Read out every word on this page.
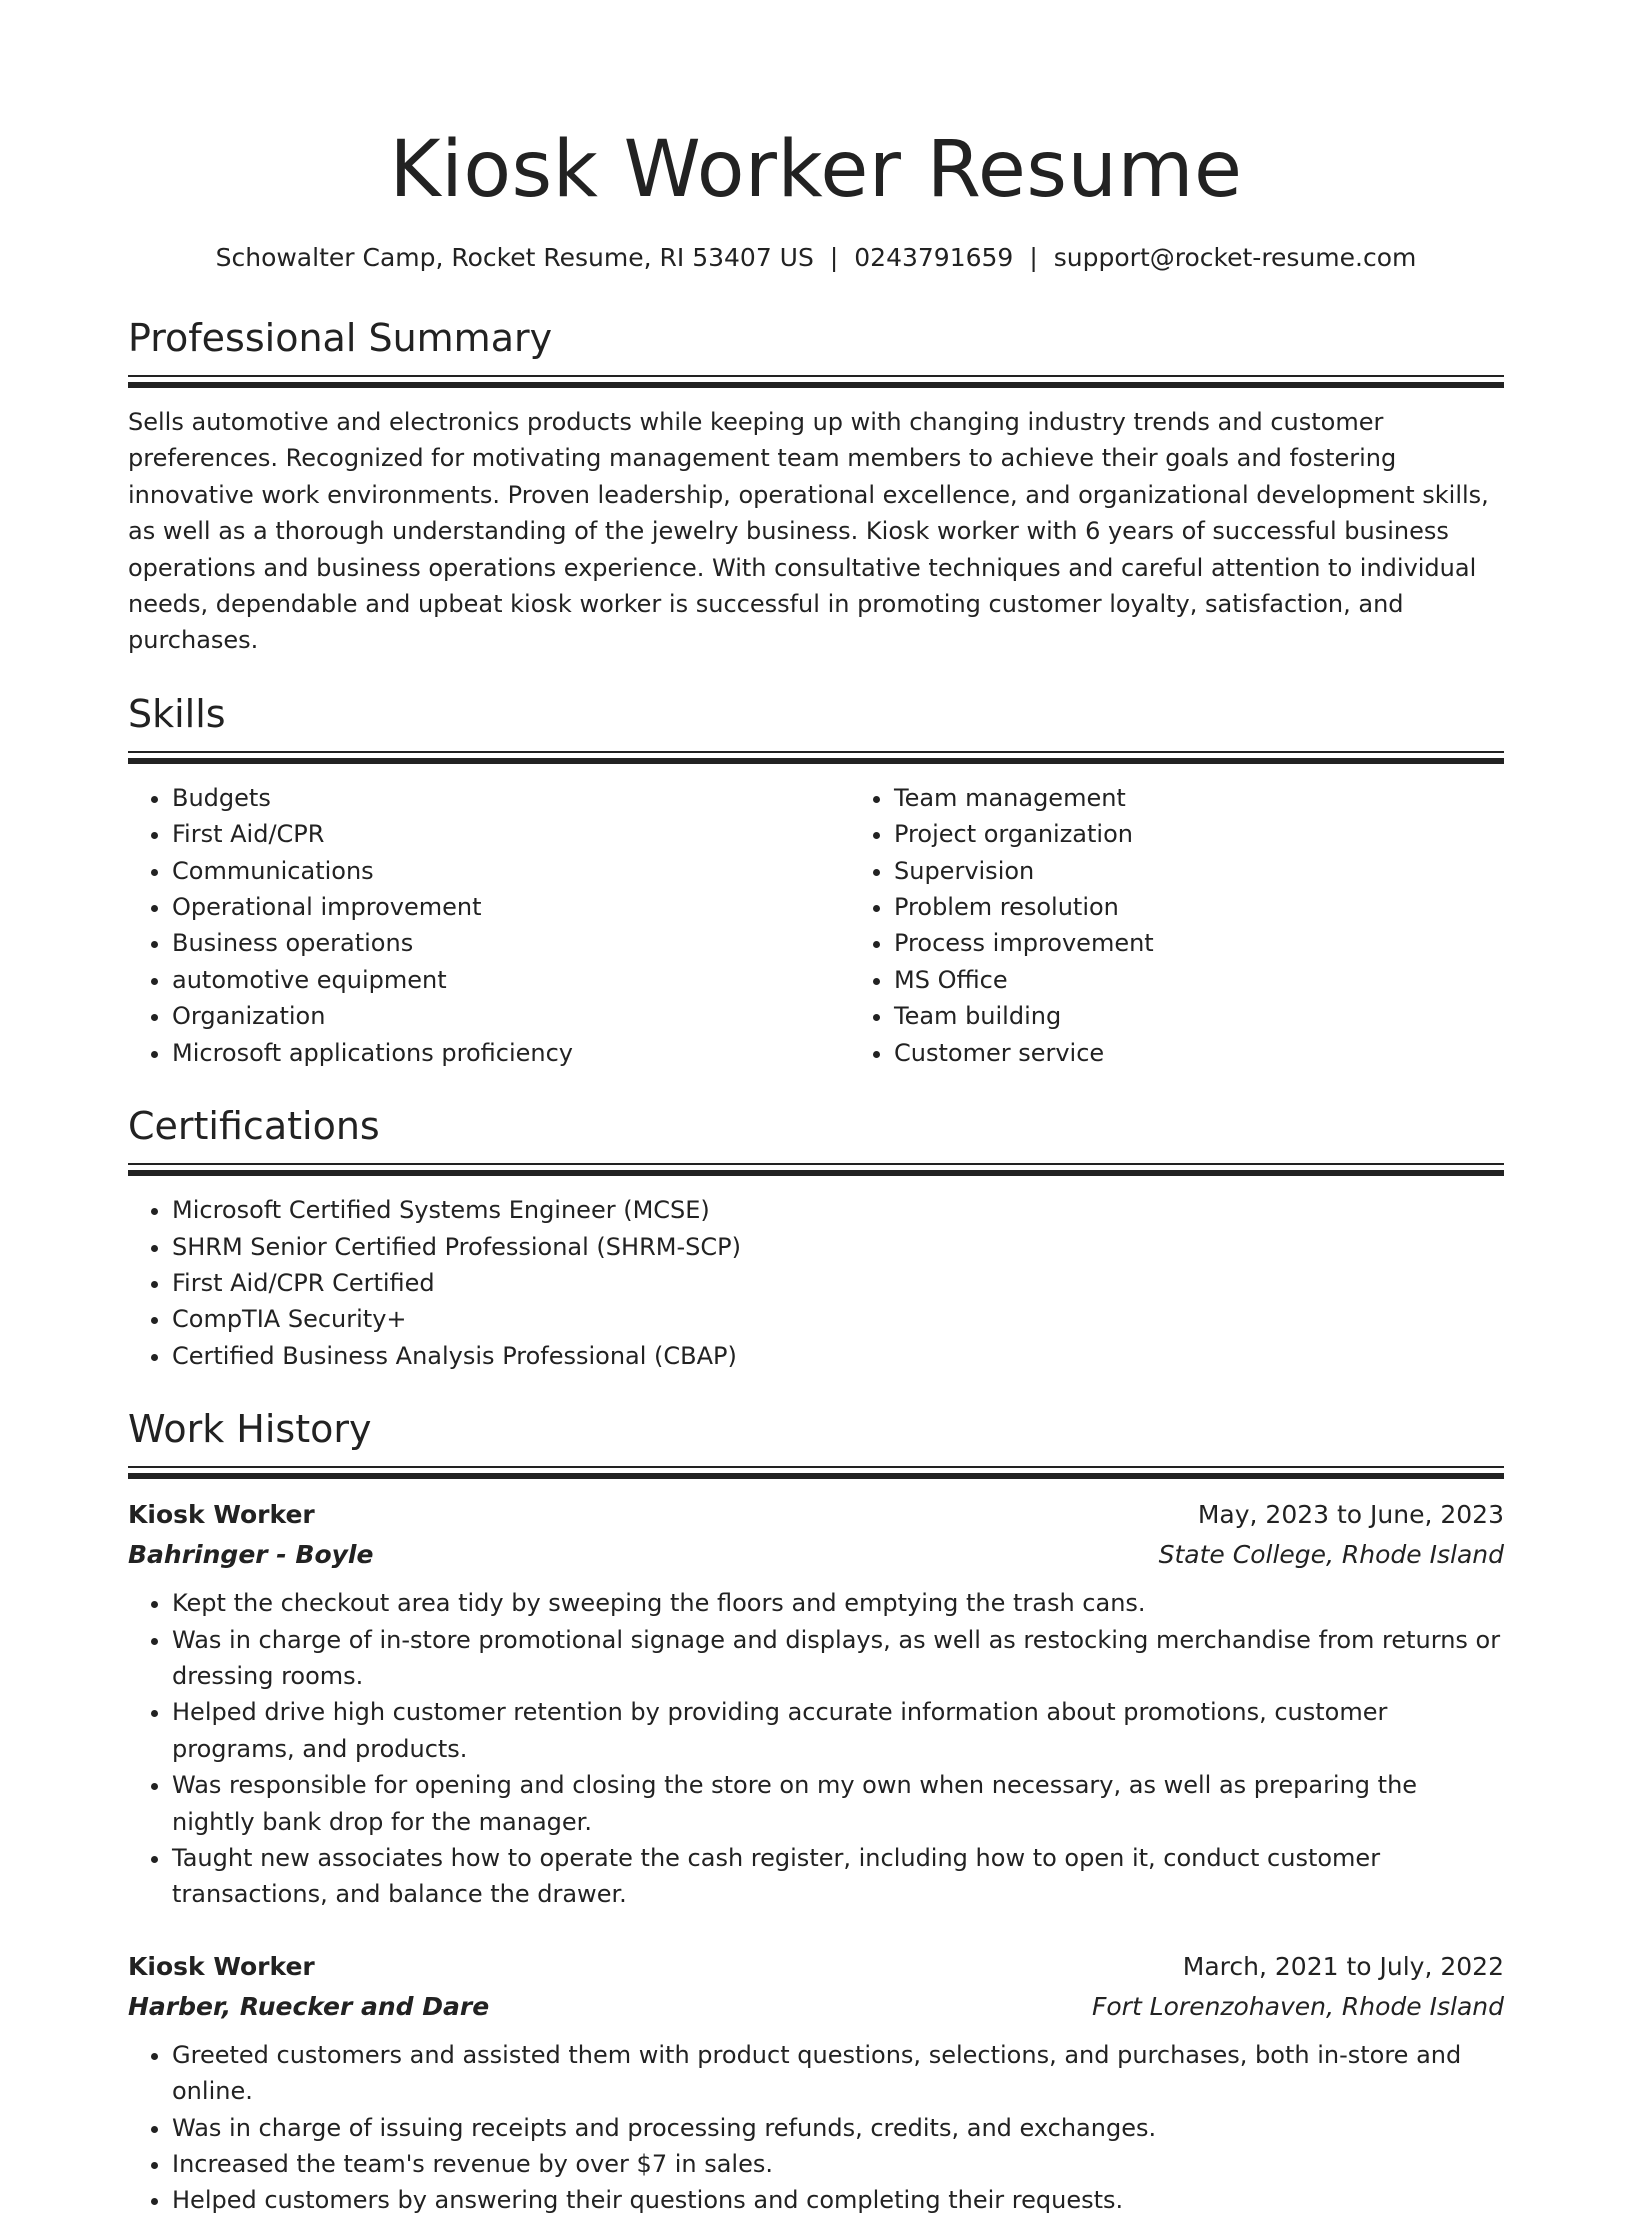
Kiosk Worker Resume
Schowalter Camp, Rocket Resume, RI 53407 US | 0243791659 | support@rocket-resume.com
Professional Summary
Sells automotive and electronics products while keeping up with changing industry trends and customer preferences. Recognized for motivating management team members to achieve their goals and fostering innovative work environments. Proven leadership, operational excellence, and organizational development skills, as well as a thorough understanding of the jewelry business. Kiosk worker with 6 years of successful business operations and business operations experience. With consultative techniques and careful attention to individual needs, dependable and upbeat kiosk worker is successful in promoting customer loyalty, satisfaction, and purchases.
Skills
• Budgets
• First Aid/CPR
• Communications
• Operational improvement
• Business operations
• automotive equipment
• Organization
• Microsoft applications proficiency
• Team management
• Project organization
• Supervision
• Problem resolution
• Process improvement
• MS Office
• Team building
• Customer service
Certifications
• Microsoft Certified Systems Engineer (MCSE)
• SHRM Senior Certified Professional (SHRM-SCP)
• First Aid/CPR Certified
• CompTIA Security+
• Certified Business Analysis Professional (CBAP)
Work History
Kiosk Worker	May, 2023 to June, 2023
Bahringer - Boyle	State College, Rhode Island
• Kept the checkout area tidy by sweeping the floors and emptying the trash cans.
• Was in charge of in-store promotional signage and displays, as well as restocking merchandise from returns or dressing rooms.
• Helped drive high customer retention by providing accurate information about promotions, customer programs, and products.
• Was responsible for opening and closing the store on my own when necessary, as well as preparing the nightly bank drop for the manager.
• Taught new associates how to operate the cash register, including how to open it, conduct customer transactions, and balance the drawer.
Kiosk Worker	March, 2021 to July, 2022
Harber, Ruecker and Dare	Fort Lorenzohaven, Rhode Island
• Greeted customers and assisted them with product questions, selections, and purchases, both in-store and online.
• Was in charge of issuing receipts and processing refunds, credits, and exchanges.
• Increased the team's revenue by over $7 in sales.
• Helped customers by answering their questions and completing their requests.
